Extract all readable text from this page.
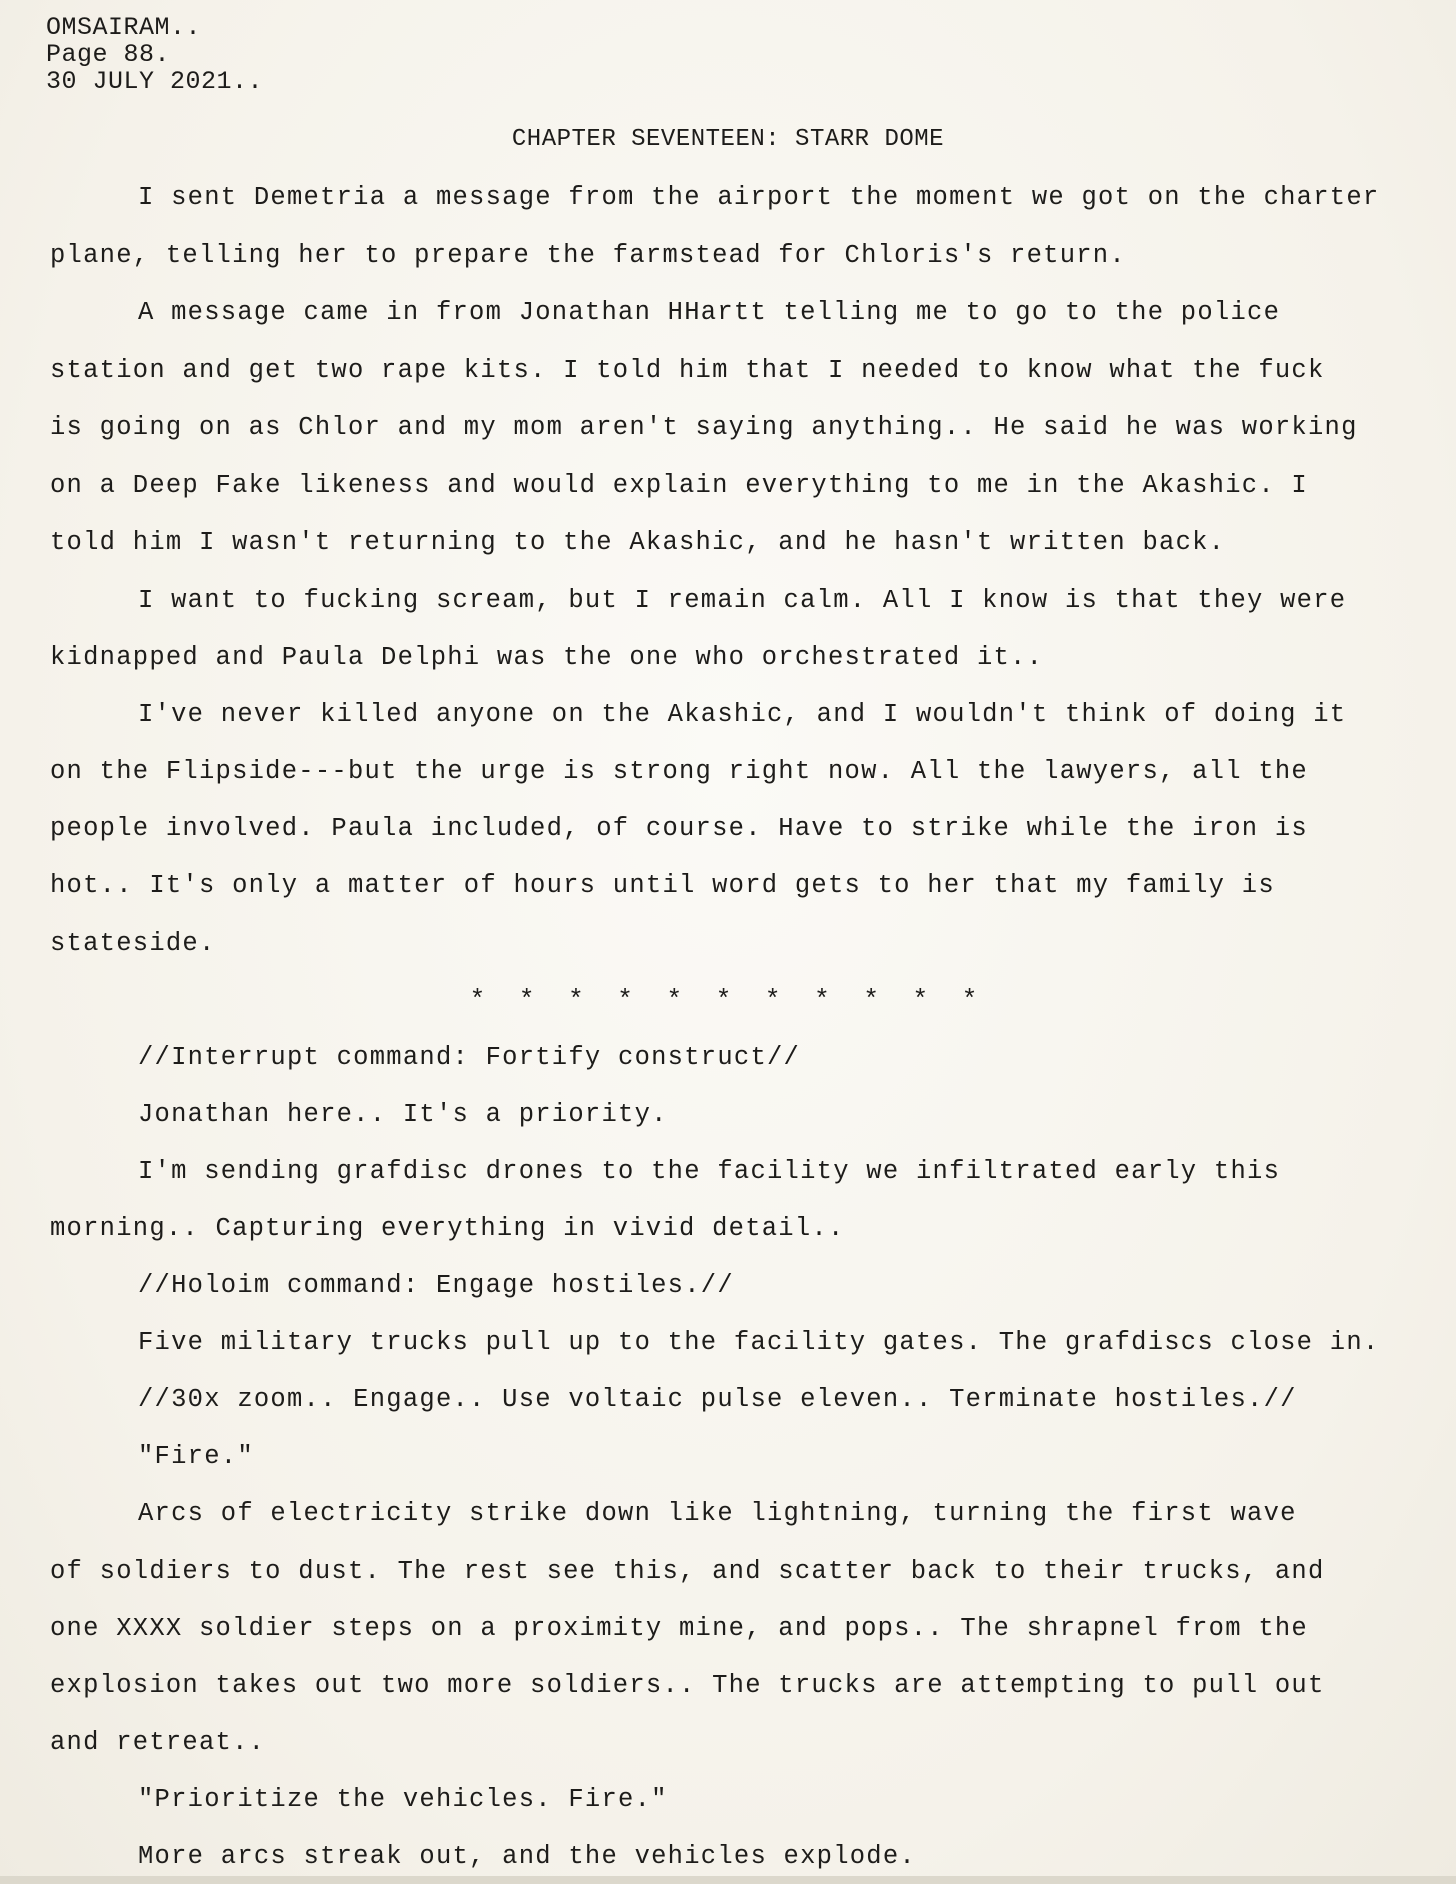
OMSAIRAM..
Page 88.
30 JULY 2021..
CHAPTER SEVENTEEN: STARR DOME
I sent Demetria a message from the airport the moment we got on the charter
plane, telling her to prepare the farmstead for Chloris's return.
A message came in from Jonathan HHartt telling me to go to the police
station and get two rape kits. I told him that I needed to know what the fuck
is going on as Chlor and my mom aren't saying anything.. He said he was working
on a Deep Fake likeness and would explain everything to me in the Akashic. I
told him I wasn't returning to the Akashic, and he hasn't written back.
I want to fucking scream, but I remain calm. All I know is that they were
kidnapped and Paula Delphi was the one who orchestrated it..
I've never killed anyone on the Akashic, and I wouldn't think of doing it
on the Flipside---but the urge is strong right now. All the lawyers, all the
people involved. Paula included, of course. Have to strike while the iron is
hot.. It's only a matter of hours until word gets to her that my family is
stateside.
* * * * * * * * * * *
//Interrupt command: Fortify construct//
Jonathan here.. It's a priority.
I'm sending grafdisc drones to the facility we infiltrated early this
morning.. Capturing everything in vivid detail..
//Holoim command: Engage hostiles.//
Five military trucks pull up to the facility gates. The grafdiscs close in.
//30x zoom.. Engage.. Use voltaic pulse eleven.. Terminate hostiles.//
"Fire."
Arcs of electricity strike down like lightning, turning the first wave
of soldiers to dust. The rest see this, and scatter back to their trucks, and
one XXXX soldier steps on a proximity mine, and pops.. The shrapnel from the
explosion takes out two more soldiers.. The trucks are attempting to pull out
and retreat..
"Prioritize the vehicles. Fire."
More arcs streak out, and the vehicles explode.
